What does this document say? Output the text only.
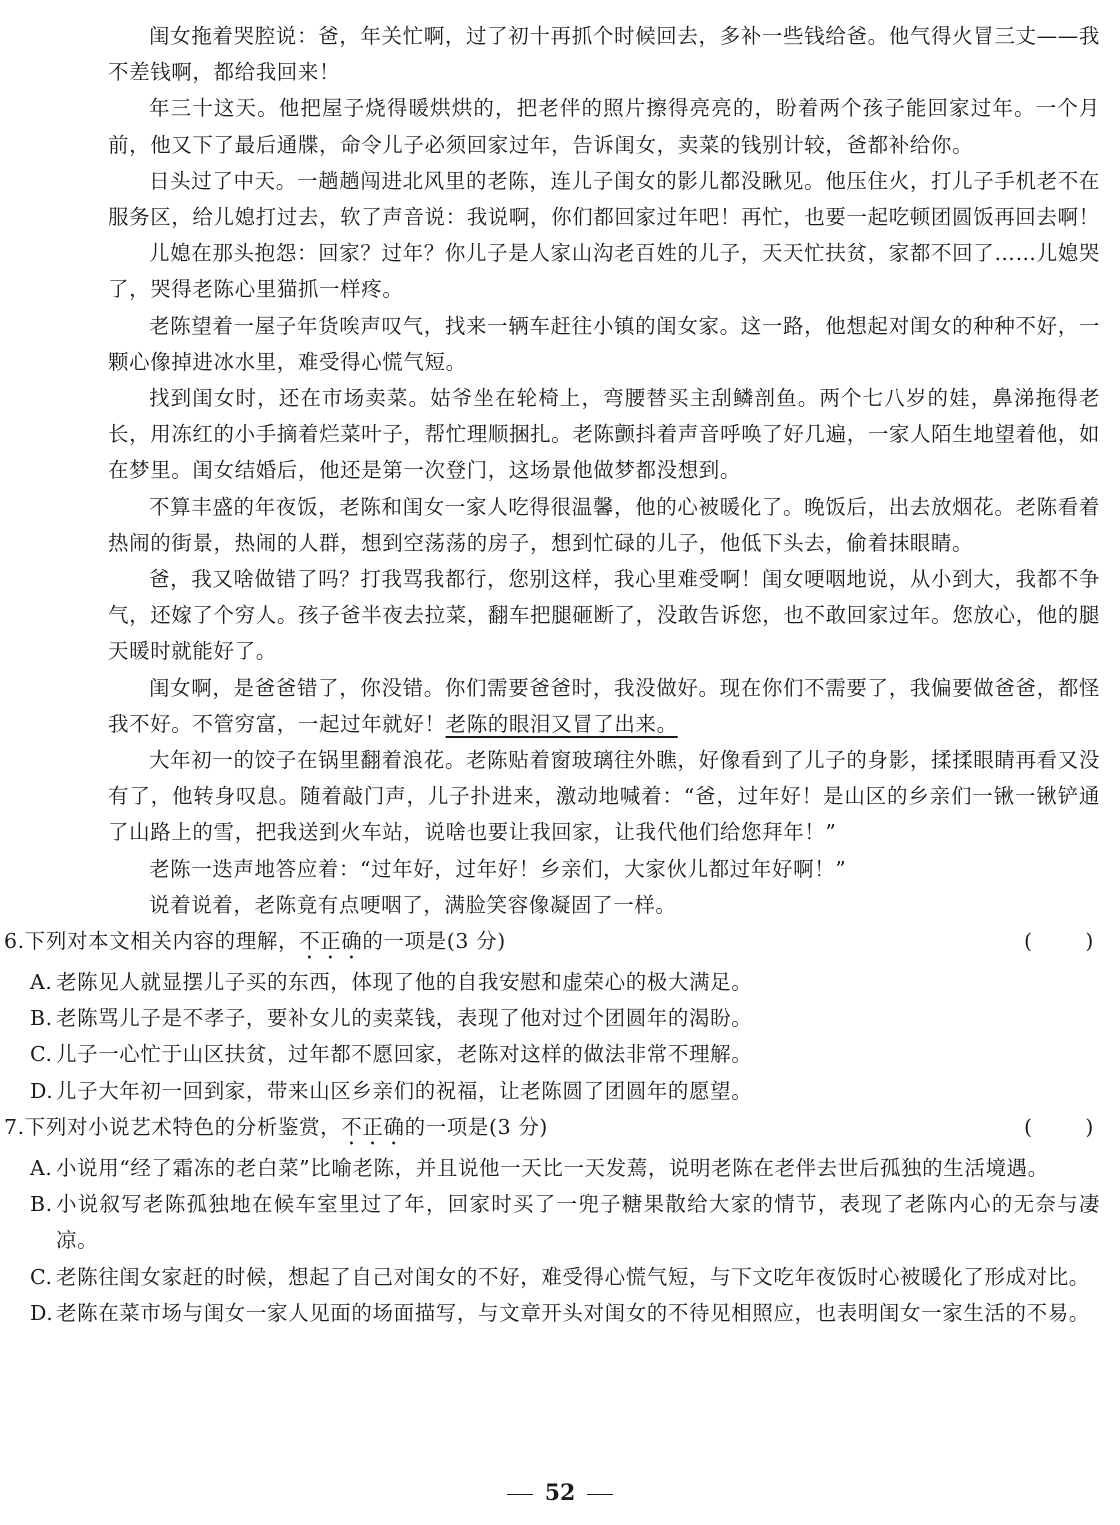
闺女拖着哭腔说：爸，年关忙啊，过了初十再抓个时候回去，多补一些钱给爸。他气得火冒三丈——我不差钱啊，都给我回来！

年三十这天。他把屋子烧得暖烘烘的，把老伴的照片擦得亮亮的，盼着两个孩子能回家过年。一个月前，他又下了最后通牒，命令儿子必须回家过年，告诉闺女，卖菜的钱别计较，爸都补给你。

日头过了中天。一趟趟闯进北风里的老陈，连儿子闺女的影儿都没瞅见。他压住火，打儿子手机老不在服务区，给儿媳打过去，软了声音说：我说啊，你们都回家过年吧！再忙，也要一起吃顿团圆饭再回去啊！

儿媳在那头抱怨：回家？过年？你儿子是人家山沟老百姓的儿子，天天忙扶贫，家都不回了……儿媳哭了，哭得老陈心里猫抓一样疼。

老陈望着一屋子年货唉声叹气，找来一辆车赶往小镇的闺女家。这一路，他想起对闺女的种种不好，一颗心像掉进冰水里，难受得心慌气短。

找到闺女时，还在市场卖菜。姑爷坐在轮椅上，弯腰替买主刮鳞剖鱼。两个七八岁的娃，鼻涕拖得老长，用冻红的小手摘着烂菜叶子，帮忙理顺捆扎。老陈颤抖着声音呼唤了好几遍，一家人陌生地望着他，如在梦里。闺女结婚后，他还是第一次登门，这场景他做梦都没想到。

不算丰盛的年夜饭，老陈和闺女一家人吃得很温馨，他的心被暖化了。晚饭后，出去放烟花。老陈看着热闹的街景，热闹的人群，想到空荡荡的房子，想到忙碌的儿子，他低下头去，偷着抹眼睛。

爸，我又啥做错了吗？打我骂我都行，您别这样，我心里难受啊！闺女哽咽地说，从小到大，我都不争气，还嫁了个穷人。孩子爸半夜去拉菜，翻车把腿砸断了，没敢告诉您，也不敢回家过年。您放心，他的腿天暖时就能好了。

闺女啊，是爸爸错了，你没错。你们需要爸爸时，我没做好。现在你们不需要了，我偏要做爸爸，都怪我不好。不管穷富，一起过年就好！老陈的眼泪又冒了出来。

大年初一的饺子在锅里翻着浪花。老陈贴着窗玻璃往外瞧，好像看到了儿子的身影，揉揉眼睛再看又没有了，他转身叹息。随着敲门声，儿子扑进来，激动地喊着：“爸，过年好！是山区的乡亲们一锹一锹铲通了山路上的雪，把我送到火车站，说啥也要让我回家，让我代他们给您拜年！”

老陈一迭声地答应着：“过年好，过年好！乡亲们，大家伙儿都过年好啊！”

说着说着，老陈竟有点哽咽了，满脸笑容像凝固了一样。

6.下列对本文相关内容的理解，不正确的一项是(3 分)	(	)
A. 老陈见人就显摆儿子买的东西，体现了他的自我安慰和虚荣心的极大满足。
B. 老陈骂儿子是不孝子，要补女儿的卖菜钱，表现了他对过个团圆年的渴盼。
C. 儿子一心忙于山区扶贫，过年都不愿回家，老陈对这样的做法非常不理解。
D. 儿子大年初一回到家，带来山区乡亲们的祝福，让老陈圆了团圆年的愿望。
7.下列对小说艺术特色的分析鉴赏，不正确的一项是(3 分)	(	)
A. 小说用“经了霜冻的老白菜”比喻老陈，并且说他一天比一天发蔫，说明老陈在老伴去世后孤独的生活境遇。
B. 小说叙写老陈孤独地在候车室里过了年，回家时买了一兜子糖果散给大家的情节，表现了老陈内心的无奈与凄凉。
C. 老陈往闺女家赶的时候，想起了自己对闺女的不好，难受得心慌气短，与下文吃年夜饭时心被暖化了形成对比。
D. 老陈在菜市场与闺女一家人见面的场面描写，与文章开头对闺女的不待见相照应，也表明闺女一家生活的不易。
52
